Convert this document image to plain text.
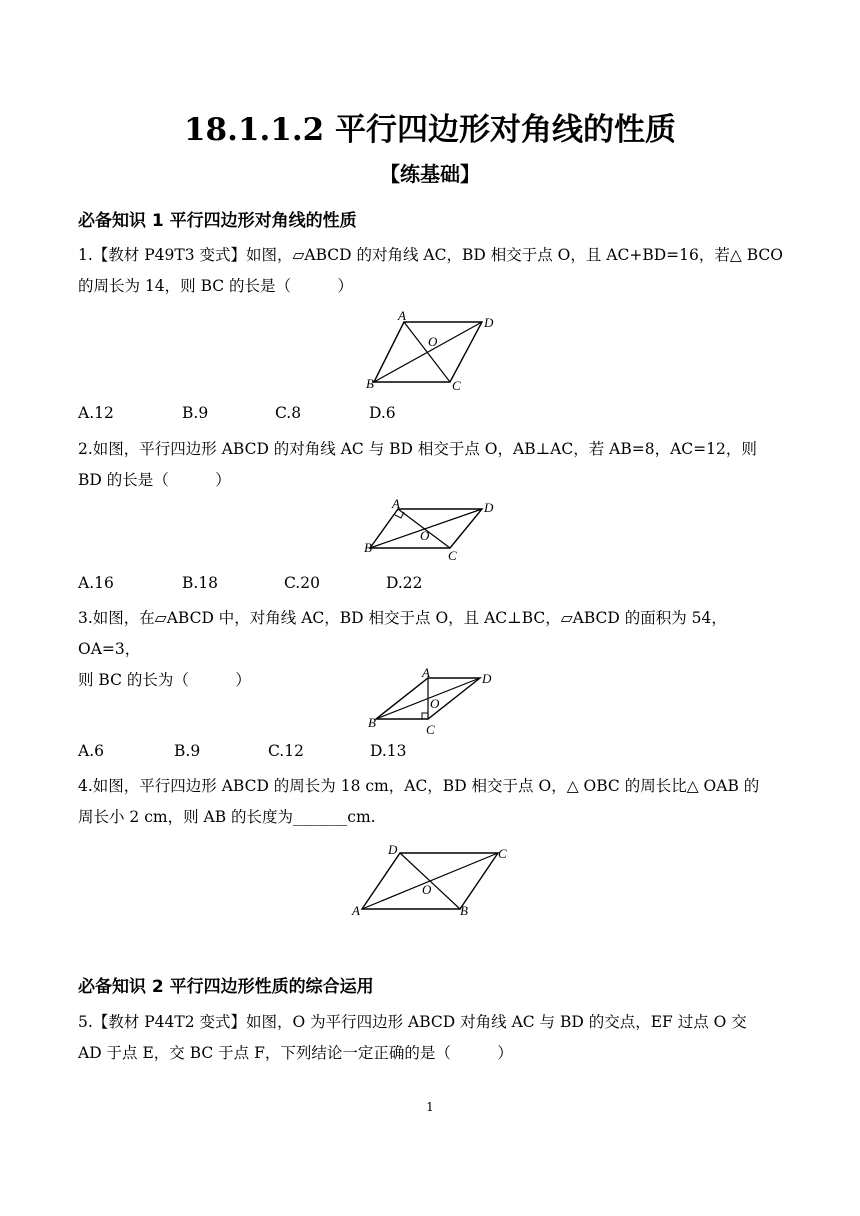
18.1.1.2 平行四边形对角线的性质
【练基础】
必备知识 1 平行四边形对角线的性质
1.【教材 P49T3 变式】如图，▱ABCD 的对角线 AC，BD 相交于点 O，且 AC+BD=16，若△ BCO
的周长为 14，则 BC 的长是（　　　）
A	D
O
B	C
A.12	B.9	C.8	D.6
2.如图，平行四边形 ABCD 的对角线 AC 与 BD 相交于点 O，AB⊥AC，若 AB=8，AC=12，则
BD 的长是（　　　）
A	D
O
B
C
A.16	B.18	C.20	D.22
3.如图，在▱ABCD 中，对角线 AC，BD 相交于点 O，且 AC⊥BC，▱ABCD 的面积为 54，OA=3，
则 BC 的长为（　　　）	A	D
O
B	C
A.6	B.9	C.12	D.13
4.如图，平行四边形 ABCD 的周长为 18 cm，AC，BD 相交于点 O，△ OBC 的周长比△ OAB 的
周长小 2 cm，则 AB 的长度为_______cm.
D	C
O
A	B
必备知识 2 平行四边形性质的综合运用
5.【教材 P44T2 变式】如图，O 为平行四边形 ABCD 对角线 AC 与 BD 的交点，EF 过点 O 交
AD 于点 E，交 BC 于点 F，下列结论一定正确的是（　　　）
1
